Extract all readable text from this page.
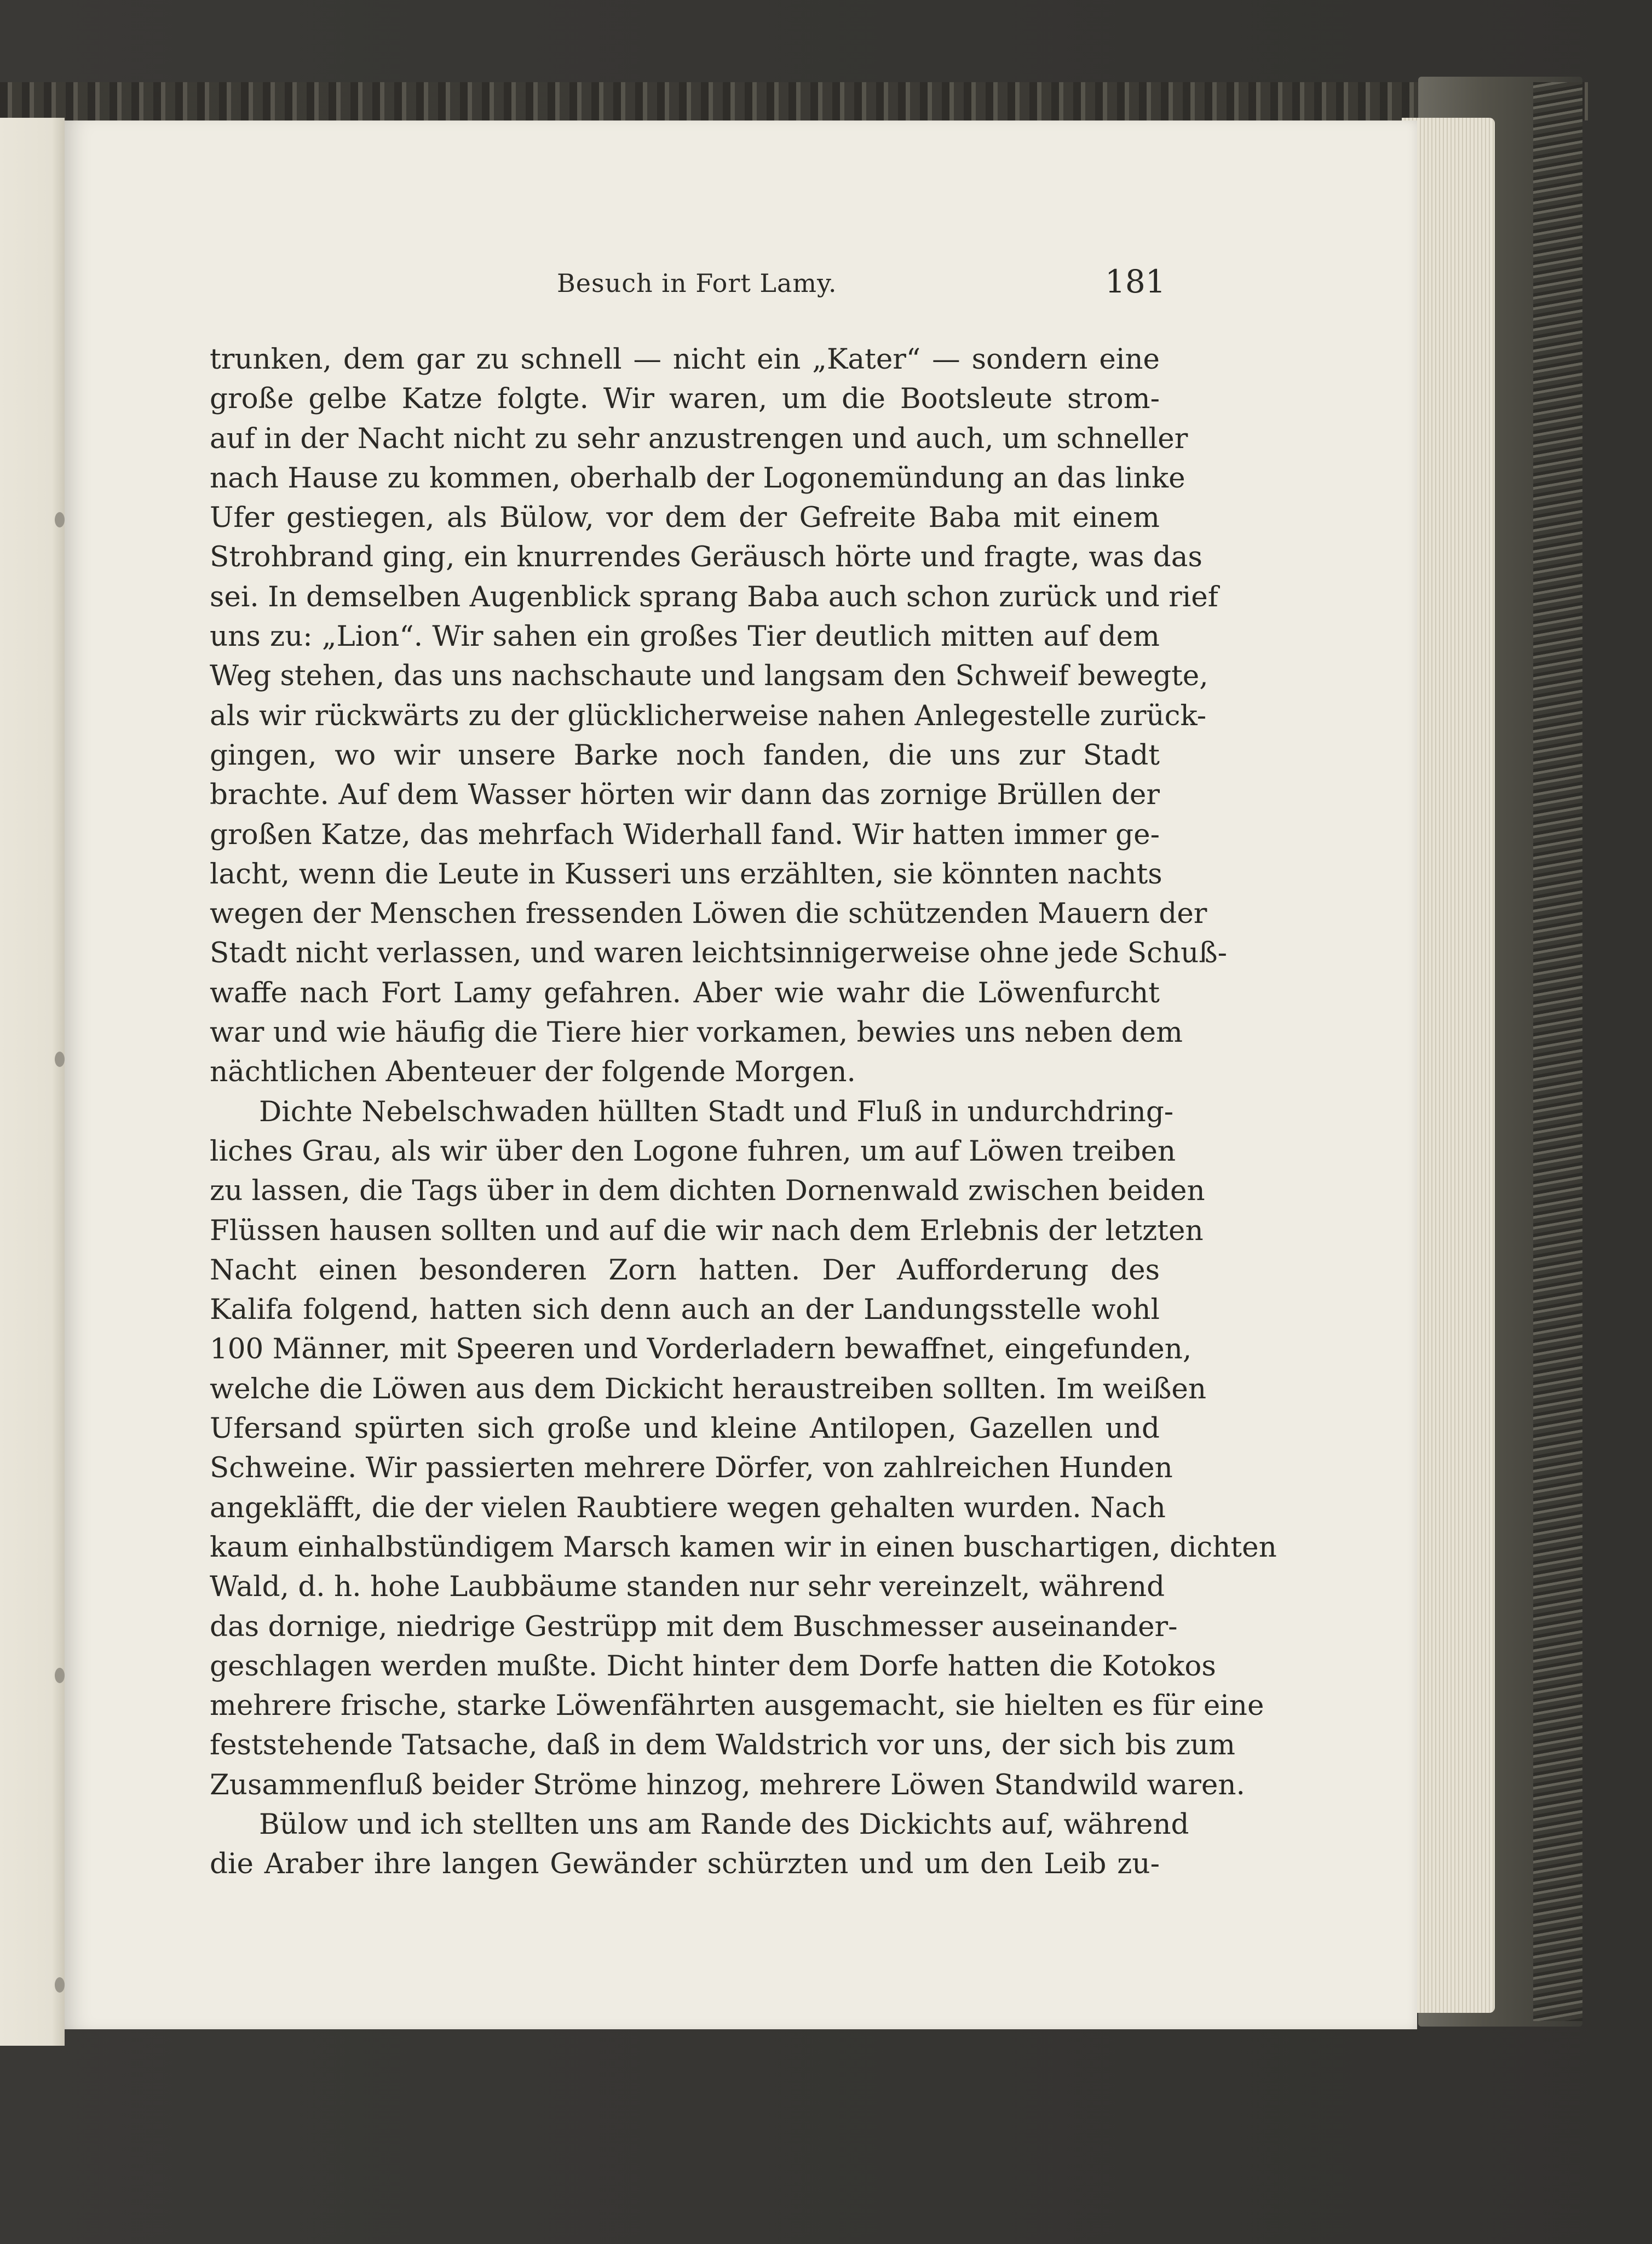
Besuch in Fort Lamy.	181
trunken, dem gar zu schnell — nicht ein „Kater“ — sondern eine
große gelbe Katze folgte. Wir waren, um die Bootsleute strom-
auf in der Nacht nicht zu sehr anzustrengen und auch, um schneller
nach Hause zu kommen, oberhalb der Logonemündung an das linke
Ufer gestiegen, als Bülow, vor dem der Gefreite Baba mit einem
Strohbrand ging, ein knurrendes Geräusch hörte und fragte, was das
sei. In demselben Augenblick sprang Baba auch schon zurück und rief
uns zu: „Lion“. Wir sahen ein großes Tier deutlich mitten auf dem
Weg stehen, das uns nachschaute und langsam den Schweif bewegte,
als wir rückwärts zu der glücklicherweise nahen Anlegestelle zurück-
gingen, wo wir unsere Barke noch fanden, die uns zur Stadt
brachte. Auf dem Wasser hörten wir dann das zornige Brüllen der
großen Katze, das mehrfach Widerhall fand. Wir hatten immer ge-
lacht, wenn die Leute in Kusseri uns erzählten, sie könnten nachts
wegen der Menschen fressenden Löwen die schützenden Mauern der
Stadt nicht verlassen, und waren leichtsinnigerweise ohne jede Schuß-
waffe nach Fort Lamy gefahren. Aber wie wahr die Löwenfurcht
war und wie häufig die Tiere hier vorkamen, bewies uns neben dem
nächtlichen Abenteuer der folgende Morgen.
Dichte Nebelschwaden hüllten Stadt und Fluß in undurchdring-
liches Grau, als wir über den Logone fuhren, um auf Löwen treiben
zu lassen, die Tags über in dem dichten Dornenwald zwischen beiden
Flüssen hausen sollten und auf die wir nach dem Erlebnis der letzten
Nacht einen besonderen Zorn hatten. Der Aufforderung des
Kalifa folgend, hatten sich denn auch an der Landungsstelle wohl
100 Männer, mit Speeren und Vorderladern bewaffnet, eingefunden,
welche die Löwen aus dem Dickicht heraustreiben sollten. Im weißen
Ufersand spürten sich große und kleine Antilopen, Gazellen und
Schweine. Wir passierten mehrere Dörfer, von zahlreichen Hunden
angekläfft, die der vielen Raubtiere wegen gehalten wurden. Nach
kaum einhalbstündigem Marsch kamen wir in einen buschartigen, dichten
Wald, d. h. hohe Laubbäume standen nur sehr vereinzelt, während
das dornige, niedrige Gestrüpp mit dem Buschmesser auseinander-
geschlagen werden mußte. Dicht hinter dem Dorfe hatten die Kotokos
mehrere frische, starke Löwenfährten ausgemacht, sie hielten es für eine
feststehende Tatsache, daß in dem Waldstrich vor uns, der sich bis zum
Zusammenfluß beider Ströme hinzog, mehrere Löwen Standwild waren.
Bülow und ich stellten uns am Rande des Dickichts auf, während
die Araber ihre langen Gewänder schürzten und um den Leib zu-
